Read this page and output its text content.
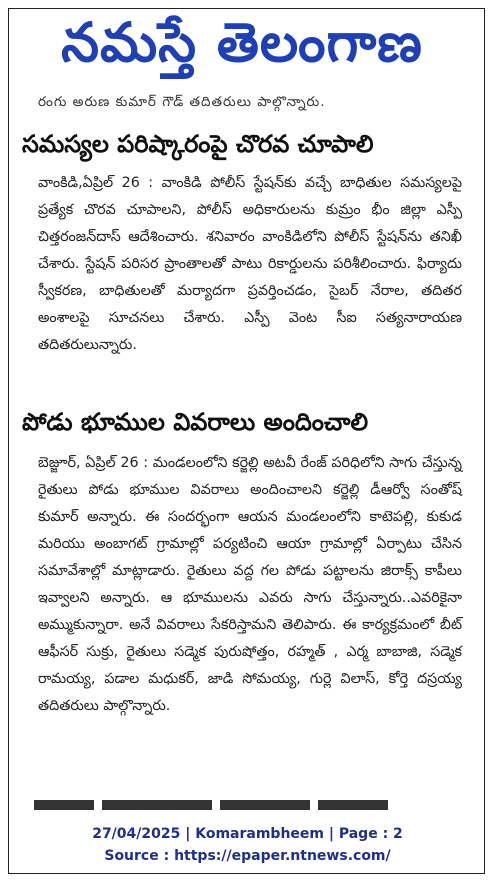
నమస్తే తెలంగాణ
రంగు అరుణ కుమార్ గౌడ్ తదితరులు పాల్గొన్నారు.
సమస్యల పరిష్కారంపై చొరవ చూపాలి
వాంకిడి,ఏప్రిల్ 26 : వాంకిడి పోలీస్ స్టేషన్‌కు వచ్చే బాధితుల సమస్యలపై ప్రత్యేక చొరవ చూపాలని, పోలీస్ అధికారులను కుమ్రం భీం జిల్లా ఎస్పీ చిత్తరంజన్‌దాస్ ఆదేశించారు. శనివారం వాంకిడిలోని పోలీస్ స్టేషన్‌ను తనిఖీ చేశారు. స్టేషన్ పరిసర ప్రాంతాలతో పాటు రికార్డులను పరిశీలించారు. ఫిర్యాదు స్వీకరణ, బాధితులతో మర్యాదగా ప్రవర్తించడం, సైబర్ నేరాల, తదితర అంశాలపై సూచనలు చేశారు. ఎస్పీ వెంట సీఐ సత్యనారాయణ తదితరులున్నారు.
పోడు భూముల వివరాలు అందించాలి
బెజ్జూర్, ఏప్రిల్ 26 : మండలంలోని కర్జెల్లి అటవీ రేంజ్ పరిధిలోని సాగు చేస్తున్న రైతులు పోడు భూముల వివరాలు అందించాలని కర్జెల్లి డీఆర్వో సంతోష్ కుమార్ అన్నారు. ఈ సందర్భంగా ఆయన మండలంలోని కాటెపల్లి, కుకుడ మరియు అంబాగట్ గ్రామాల్లో పర్యటించి ఆయా గ్రామాల్లో ఏర్పాటు చేసిన సమావేశాల్లో మాట్లాడారు. రైతులు వద్ద గల పోడు పట్టాలను జిరాక్స్ కాపీలు ఇవ్వాలని అన్నారు. ఆ భూములను ఎవరు సాగు చేస్తున్నారు..ఎవరికైనా అమ్ముకున్నారా. అనే వివరాలు సేకరిస్తామని తెలిపారు. ఈ కార్యక్రమంలో బీట్ ఆఫీసర్ సుక్రు, రైతులు సడ్మెక పురుషోత్తం, రహ్మత్ , ఎర్మ బాబాజి, సడ్మెక రామయ్య, పడాల మధుకర్, జాడి సోమయ్య, గుర్లె విలాస్, కోర్తె దస్రయ్య తదితరులు పాల్గొన్నారు.
27/04/2025 | Komarambheem | Page : 2
Source : https://epaper.ntnews.com/
